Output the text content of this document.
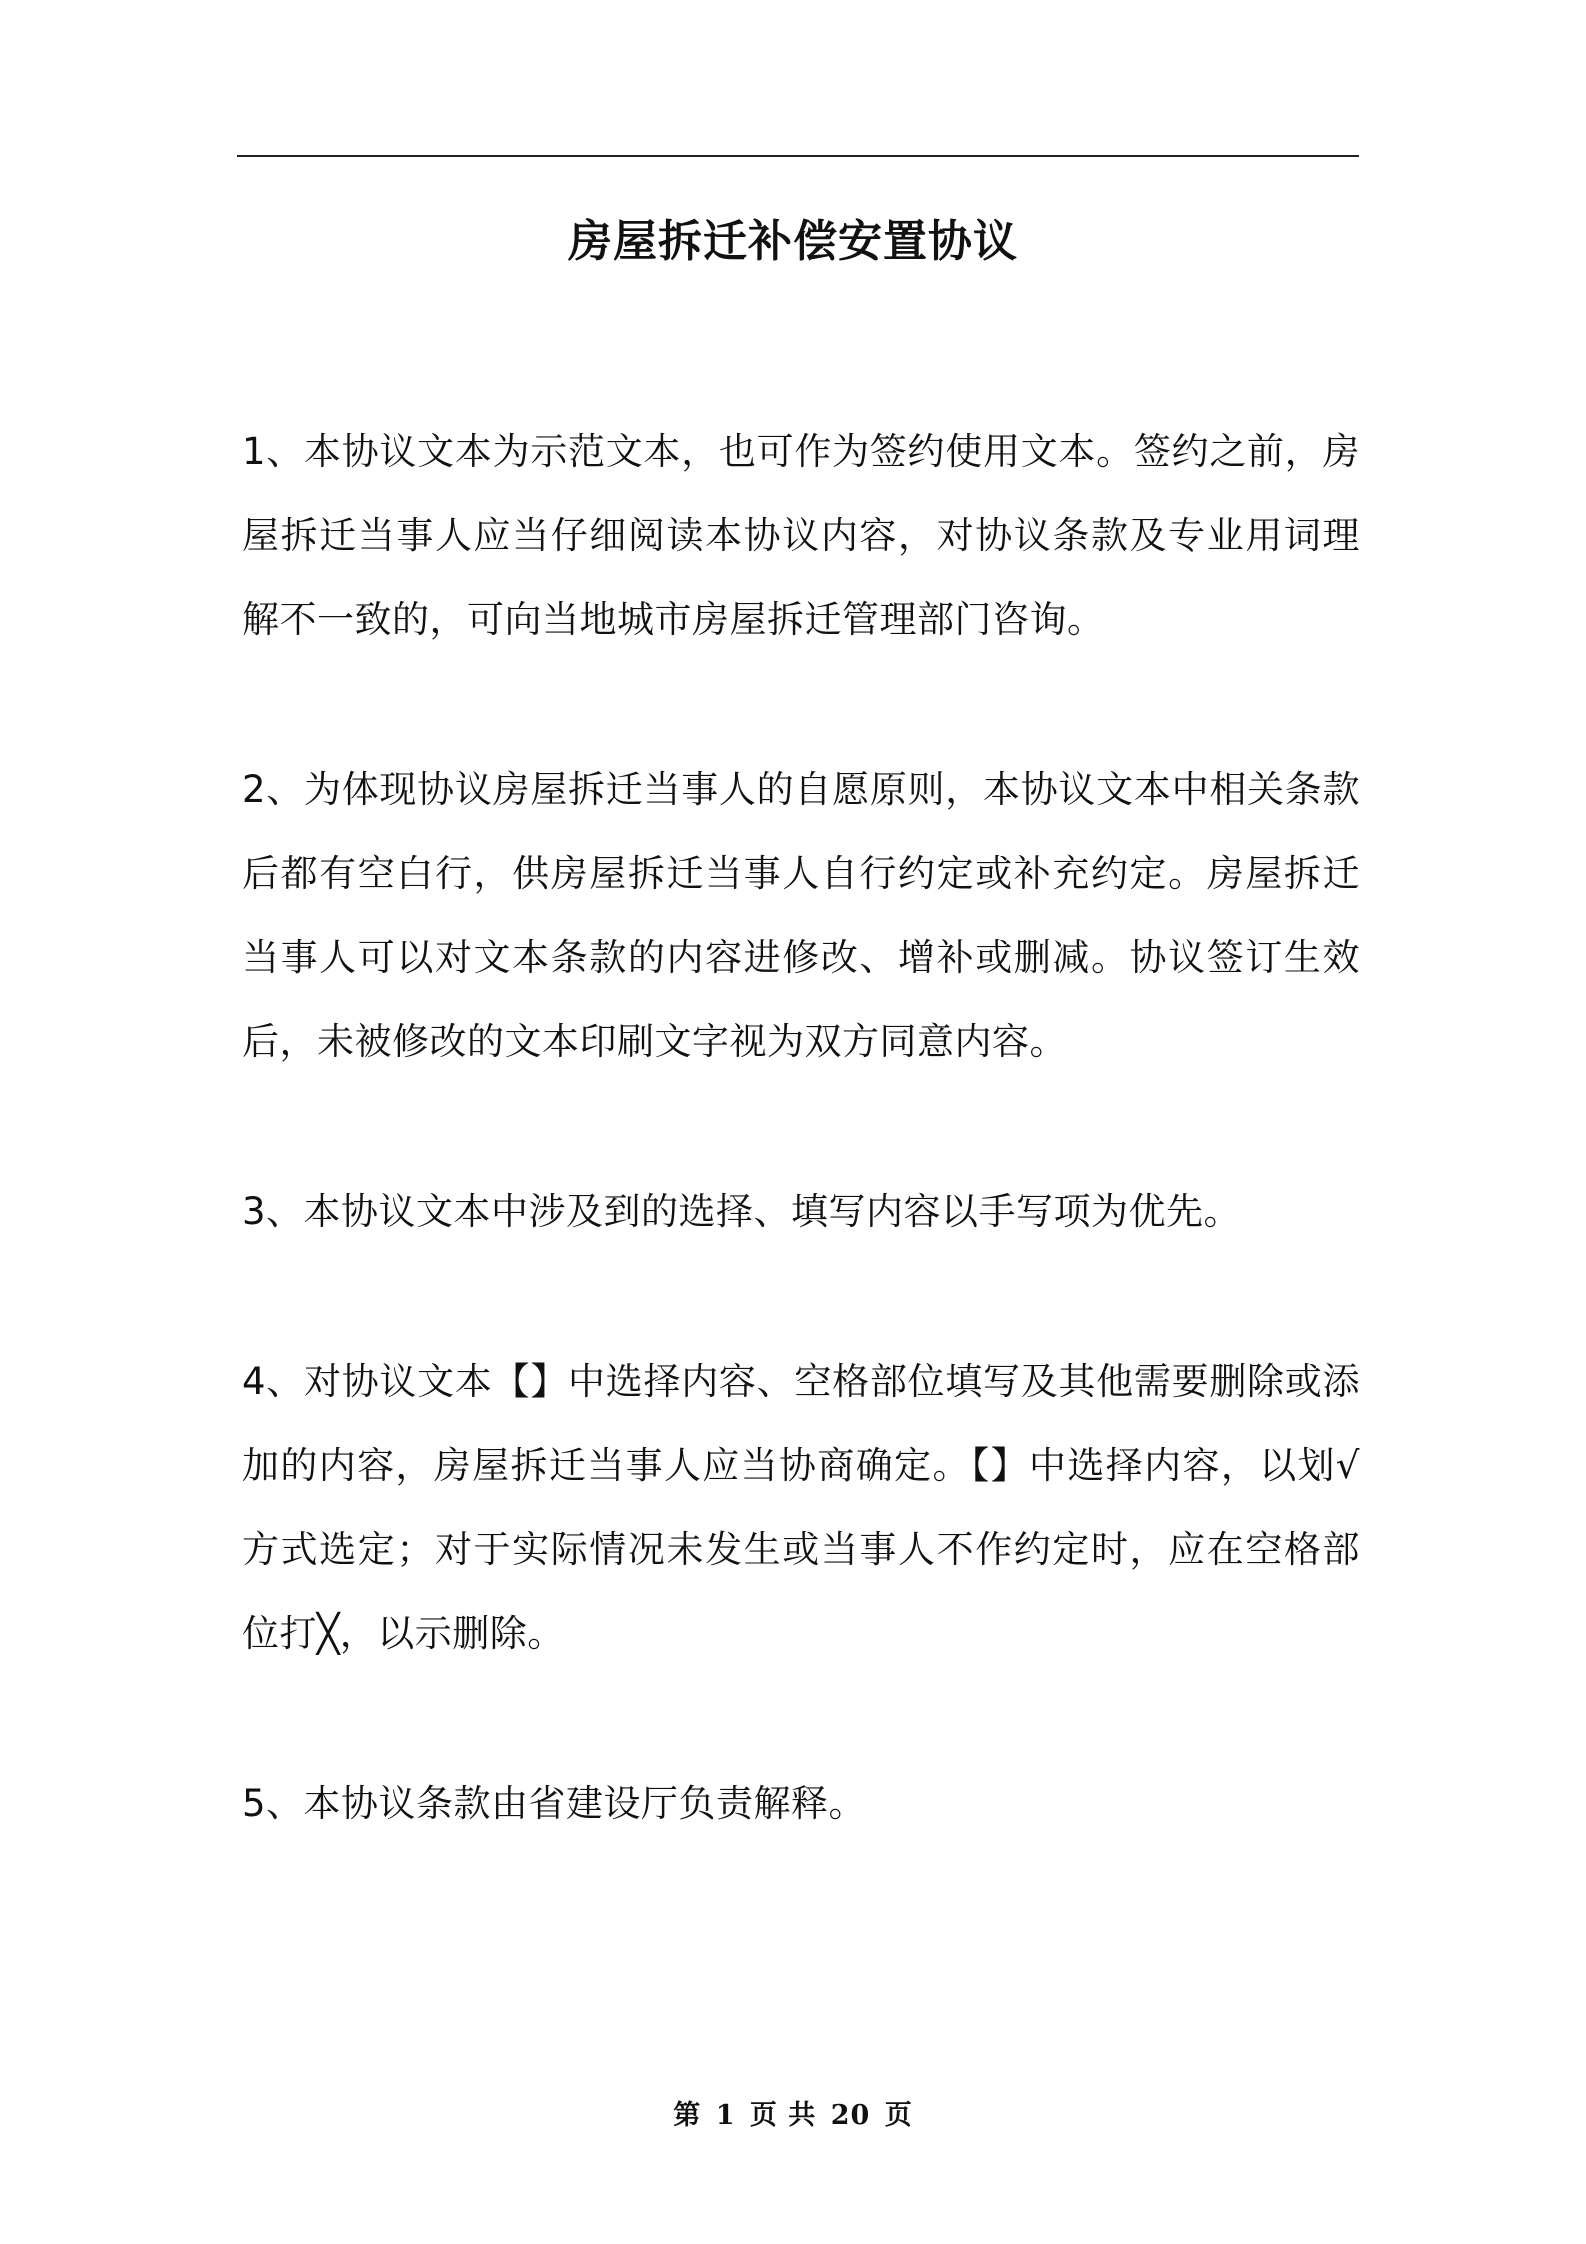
房屋拆迁补偿安置协议

1、本协议文本为示范文本，也可作为签约使用文本。签约之前，房屋拆迁当事人应当仔细阅读本协议内容，对协议条款及专业用词理解不一致的，可向当地城市房屋拆迁管理部门咨询。

2、为体现协议房屋拆迁当事人的自愿原则，本协议文本中相关条款后都有空白行，供房屋拆迁当事人自行约定或补充约定。房屋拆迁当事人可以对文本条款的内容进修改、增补或删减。协议签订生效后，未被修改的文本印刷文字视为双方同意内容。

3、本协议文本中涉及到的选择、填写内容以手写项为优先。

4、对协议文本【】中选择内容、空格部位填写及其他需要删除或添加的内容，房屋拆迁当事人应当协商确定。【】中选择内容，以划√方式选定；对于实际情况未发生或当事人不作约定时，应在空格部位打╳，以示删除。

5、本协议条款由省建设厅负责解释。

第 1 页 共 20 页
